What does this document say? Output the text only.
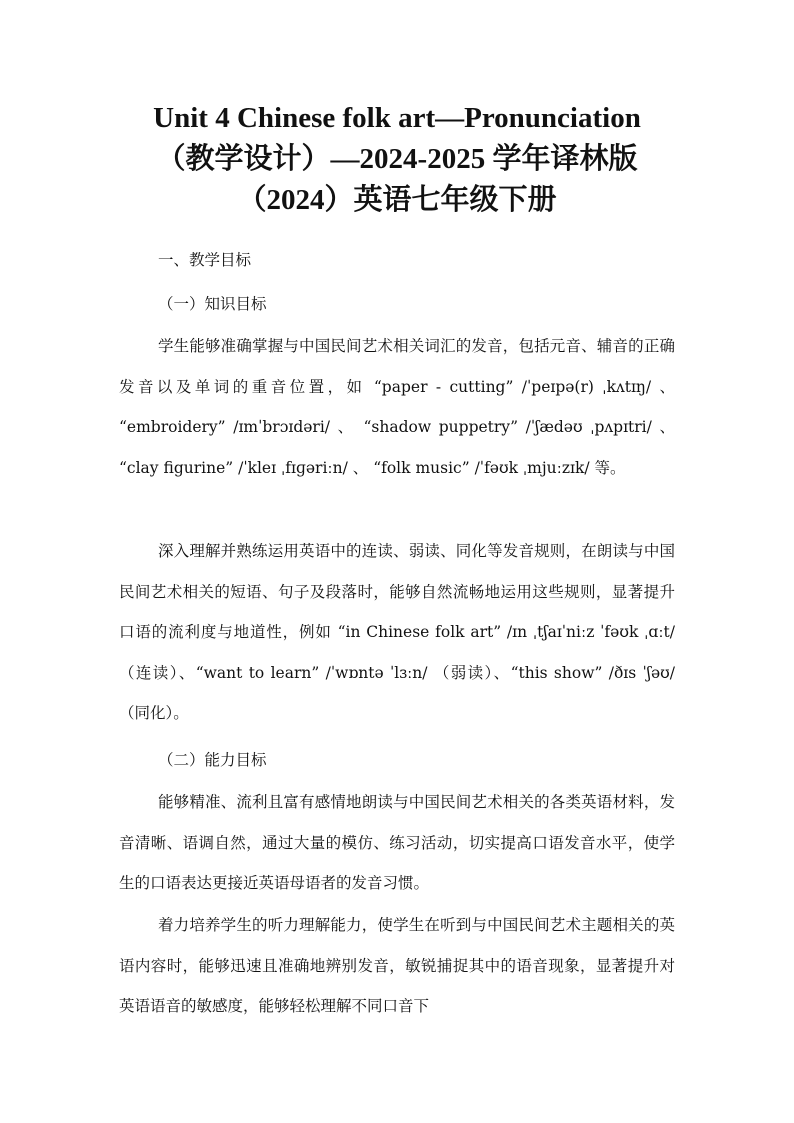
Unit 4 Chinese folk art—Pronunciation
（教学设计）—2024-2025 学年译林版
（2024）英语七年级下册
一、教学目标
（一）知识目标
学生能够准确掌握与中国民间艺术相关词汇的发音，包括元音、辅音的正确发音以及单词的重音位置，如 “paper - cutting” /ˈpeɪpə(r) ˌkʌtɪŋ/ 、 “embroidery” /ɪmˈbrɔɪdəri/ 、 “shadow puppetry” /ˈʃædəʊ ˌpʌpɪtri/ 、 “clay figurine” /ˈkleɪ ˌfɪɡəriːn/ 、 “folk music” /ˈfəʊk ˌmjuːzɪk/ 等。
深入理解并熟练运用英语中的连读、弱读、同化等发音规则，在朗读与中国民间艺术相关的短语、句子及段落时，能够自然流畅地运用这些规则，显著提升口语的流利度与地道性，例如 “in Chinese folk art” /ɪn ˌtʃaɪˈniːz ˈfəʊk ˌɑːt/ （连读）、“want to learn” /ˈwɒntə ˈlɜːn/ （弱读）、“this show” /ðɪs ˈʃəʊ/ （同化）。
（二）能力目标
能够精准、流利且富有感情地朗读与中国民间艺术相关的各类英语材料，发音清晰、语调自然，通过大量的模仿、练习活动，切实提高口语发音水平，使学生的口语表达更接近英语母语者的发音习惯。
着力培养学生的听力理解能力，使学生在听到与中国民间艺术主题相关的英语内容时，能够迅速且准确地辨别发音，敏锐捕捉其中的语音现象，显著提升对英语语音的敏感度，能够轻松理解不同口音下
